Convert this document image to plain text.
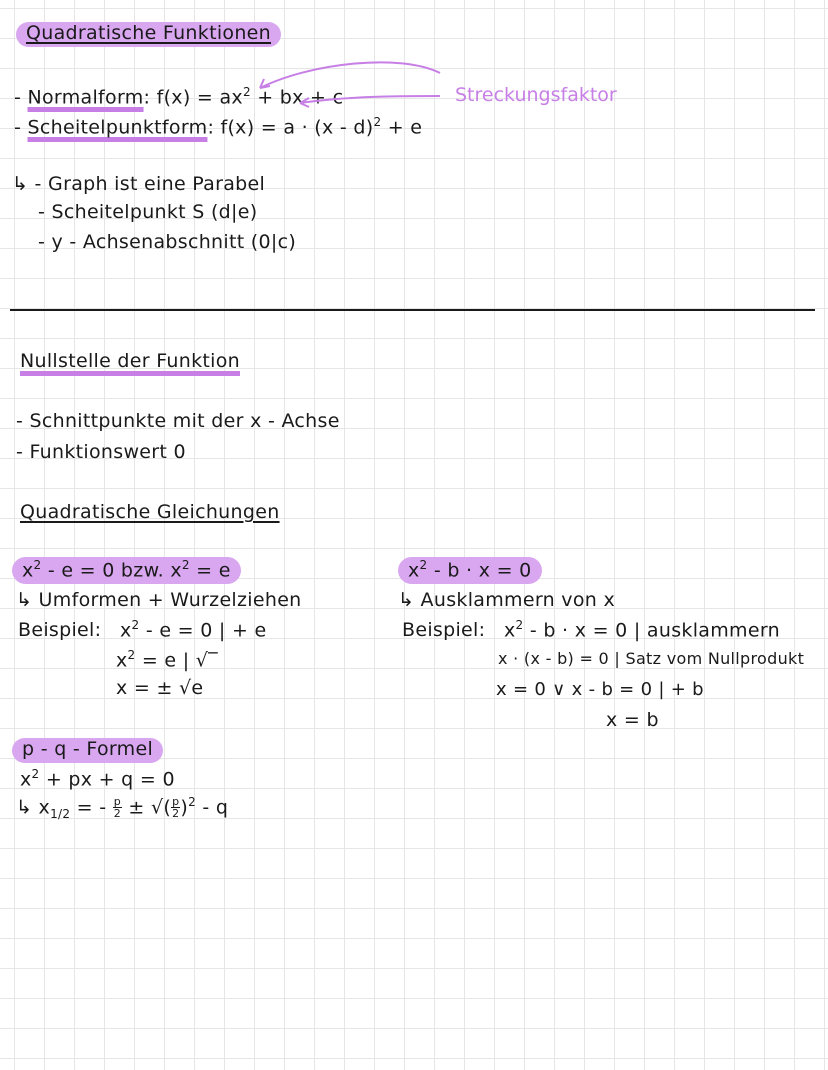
Quadratische Funktionen
- Normalform: $f(x) = ax^2$ + bx + c
- Scheitelpunktform: f(x) = a · (x - d)$^2$ + e
Streckungsfaktor
↳ - Graph ist eine Parabel
- Scheitelpunkt S (d|e)
- y - Achsenabschnitt (0|c)
Nullstelle der Funktion
- Schnittpunkte mit der x - Achse
- Funktionswert 0
Quadratische Gleichungen
$x^2 - e = 0$ bzw. $x^2 = e$
↳ Umformen + Wurzelziehen
Beispiel: $x^2 - e = 0$ | + e
$x^2 = e$ | √‾
x = ± √e
$x^2 - b \cdot x = 0$
↳ Ausklammern von x
Beispiel: $x^2 - b \cdot x = 0$ | ausklammern
x · (x - b) = 0 | Satz vom Nullprodukt
x = 0 ∨ x - b = 0 | + b
x = b
p - q - Formel
$x^2$ + px + q = 0
↳ $x_{1/2}$ = - $\frac{p}{2}$ ± √( $\frac{p}{2} )^2$ - q
